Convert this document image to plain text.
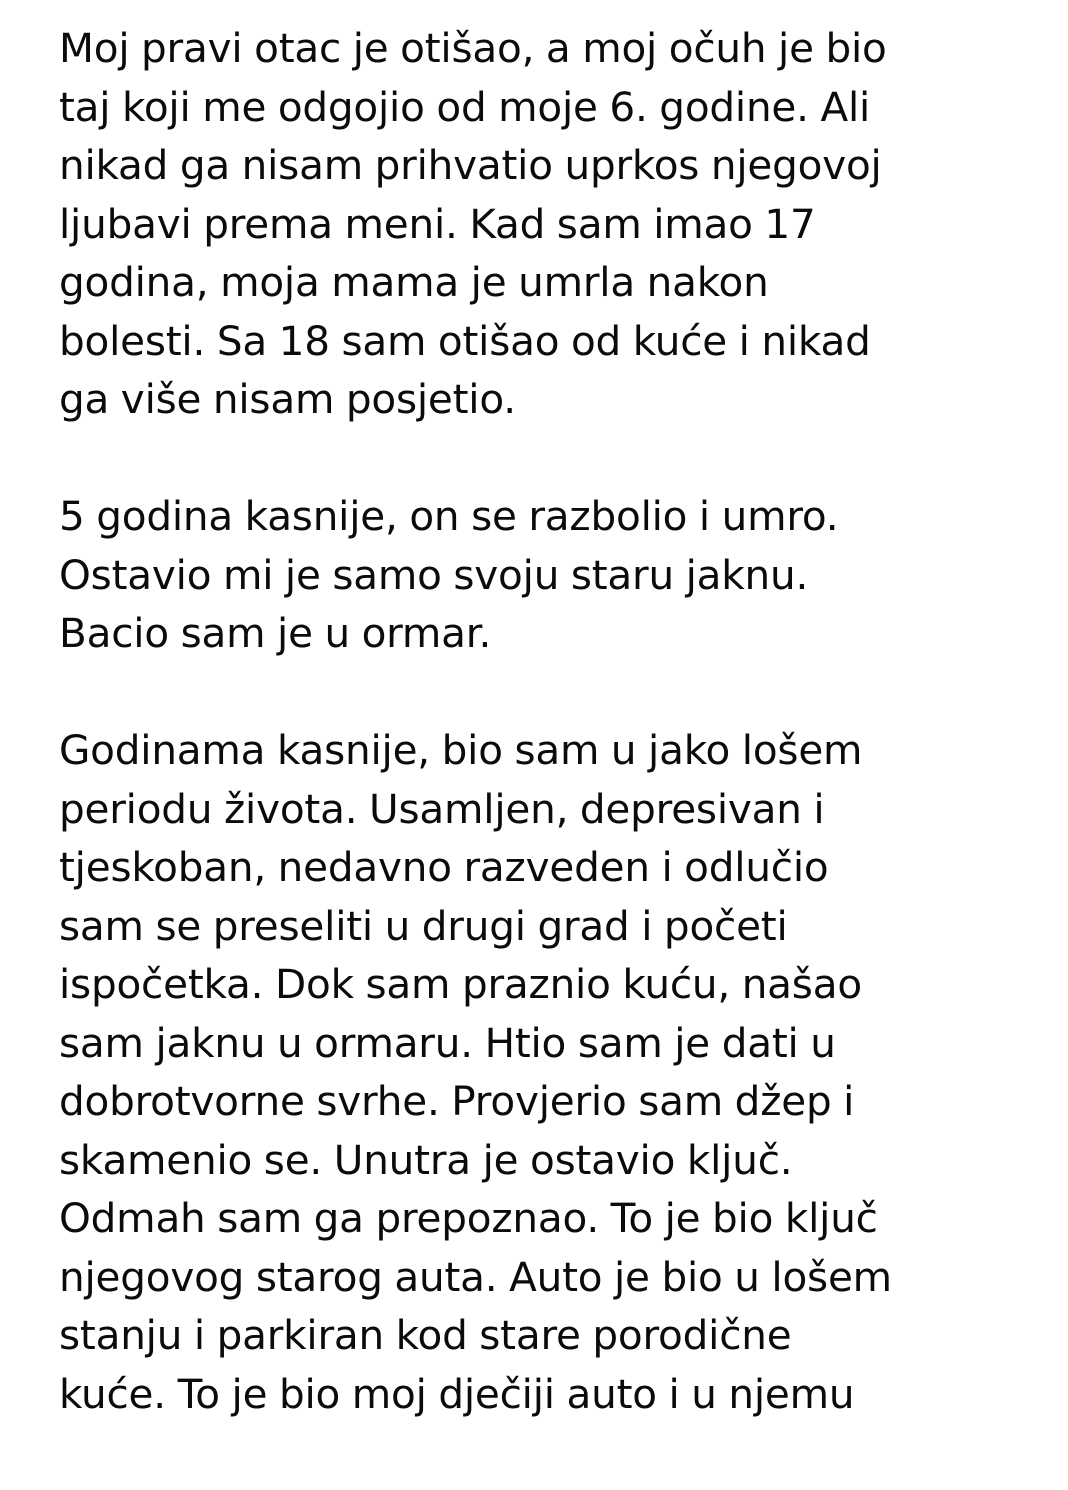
Moj pravi otac je otišao, a moj očuh je bio
taj koji me odgojio od moje 6. godine. Ali
nikad ga nisam prihvatio uprkos njegovoj
ljubavi prema meni. Kad sam imao 17
godina, moja mama je umrla nakon
bolesti. Sa 18 sam otišao od kuće i nikad
ga više nisam posjetio.

5 godina kasnije, on se razbolio i umro.
Ostavio mi je samo svoju staru jaknu.
Bacio sam je u ormar.

Godinama kasnije, bio sam u jako lošem
periodu života. Usamljen, depresivan i
tjeskoban, nedavno razveden i odlučio
sam se preseliti u drugi grad i početi
ispočetka. Dok sam praznio kuću, našao
sam jaknu u ormaru. Htio sam je dati u
dobrotvorne svrhe. Provjerio sam džep i
skamenio se. Unutra je ostavio ključ.
Odmah sam ga prepoznao. To je bio ključ
njegovog starog auta. Auto je bio u lošem
stanju i parkiran kod stare porodične
kuće. To je bio moj dječiji auto i u njemu
